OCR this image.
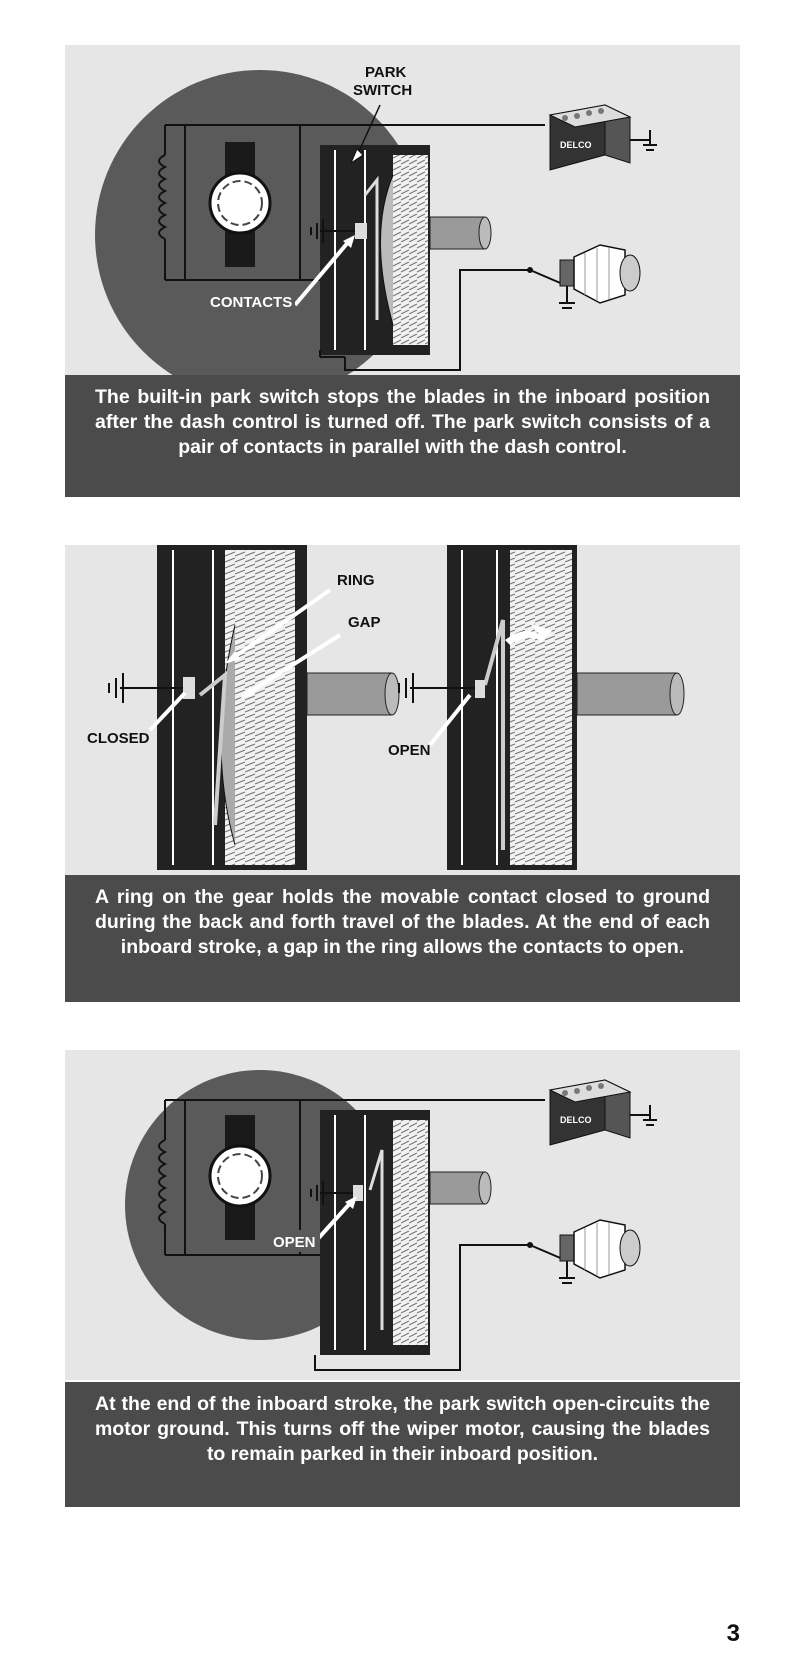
DELCO
PARK
SWITCH
CONTACTS
The built-in park switch stops the blades in the inboard position after the dash control is turned off. The park switch consists of a pair of contacts in parallel with the dash control.
RING
GAP
CLOSED
OPEN
A ring on the gear holds the movable contact closed to ground during the back and forth travel of the blades. At the end of each inboard stroke, a gap in the ring allows the contacts to open.
DELCO
OPEN
At the end of the inboard stroke, the park switch open-circuits the motor ground. This turns off the wiper motor, causing the blades to remain parked in their inboard position.
3
